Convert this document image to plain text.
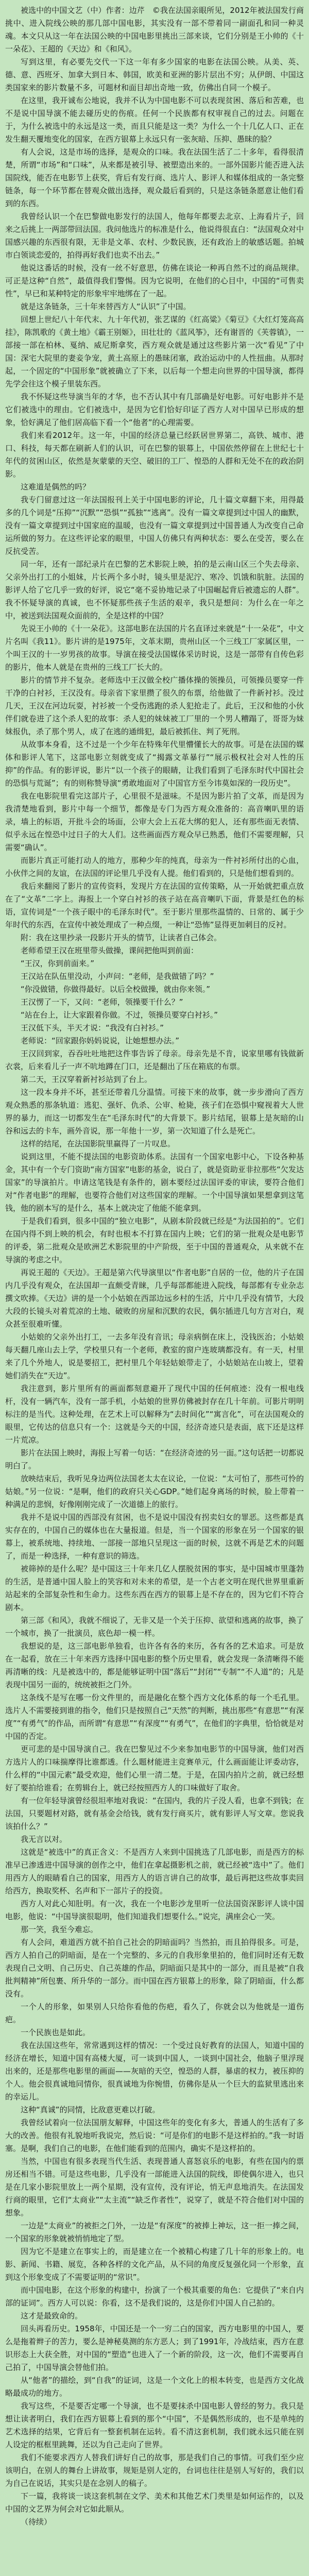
被选中的中国文艺（中）作者：边芹　©我在法国亲眼所见，2012年被法国发行商挑中、进入院线公映的那几部中国电影，其实没有一部不带着同一副面孔和同一种灵魂。本文只从这一年在法国公映的中国电影里挑出三部来谈，它们分别是王小帅的《十一朵花》、王超的《天边》和《和风》。

写到这里，有必要先交代一下这一年有多少国家的电影在法国公映。从美、英、德、意、西班牙、加拿大到日本、韩国，欧美和亚洲的影片层出不穷；从伊朗、中国这类国家来的影片数量不多，可题材和面目却出奇地一致，仿佛出自同一个模子。

在这里，我开诚布公地说，我并不认为中国电影不可以表现贫困、落后和苦难，也不是说中国导演不能去碰历史的伤痕。任何一个民族都有权审视自己的过去。问题在于，为什么被选中的永远是这一类，而且只能是这一类？为什么一个十几亿人口、正在发生翻天覆地变化的国家，在西方银幕上永远只有一张灰暗、压抑、愚昧的脸？

有人会说，这是市场的选择，是观众的口味。我在法国生活了二十多年，看得很清楚，所谓“市场”和“口味”，从来都是被引导、被塑造出来的。一部外国影片能否进入法国院线，能否在电影节上获奖，背后有发行商、选片人、影评人和媒体组成的一条完整链条，每一个环节都在替观众做出选择，观众最后看到的，只是这条链条愿意让他们看到的东西。

我曾经认识一个在巴黎做电影发行的法国人，他每年都要去北京、上海看片子，回来之后挑上一两部带回法国。我问他选片的标准是什么，他说得很直白：“法国观众对中国感兴趣的东西很有限，无非是文革、农村、少数民族，还有政治上的敏感话题。拍城市白领谈恋爱的，拍得再好我们也卖不出去。”

他说这番话的时候，没有一丝不好意思，仿佛在谈论一种再自然不过的商品规律。可正是这种“自然”，最值得我们警惕。因为它说明，在他们的心目中，中国的“可售卖性”，早已和某种特定的形象牢牢地绑在了一起。

就是这条链条，三十年来替西方人“认识”了中国。

回想上世纪八十年代末、九十年代初，张艺谋的《红高粱》《菊豆》《大红灯笼高高挂》，陈凯歌的《黄土地》《霸王别姬》，田壮壮的《蓝风筝》，还有谢晋的《芙蓉镇》，一部接一部在柏林、戛纳、威尼斯拿奖，西方观众就是通过这些影片第一次“看见”了中国：深宅大院里的妻妾争宠，黄土高原上的愚昧闭塞，政治运动中的人性扭曲。从那时起，一个固定的“中国形象”就被确立了下来，以后每一个想走向世界的中国导演，都得先学会往这个模子里装东西。

我不怀疑这些导演当年的才华，也不否认其中有几部确是好电影。可好电影并不是它们被选中的理由。它们被选中，是因为它们恰好印证了西方人对中国早已形成的想象，恰好满足了他们居高临下看一个“他者”的心理需要。

我们来看2012年。这一年，中国的经济总量已经跃居世界第二，高铁、城市、港口、科技，每天都在刷新人们的认识，可在巴黎的银幕上，中国依然停留在上世纪七十年代的贫困山区，依然是灰蒙蒙的天空、破旧的工厂、惶恐的人群和无处不在的政治阴影。

这难道是偶然的吗？

我专门留意过这一年法国报刊上关于中国电影的评论，几十篇文章翻下来，用得最多的几个词是“压抑”“沉默”“恐惧”“孤独”“逃离”。没有一篇文章提到过中国人的幽默，没有一篇文章提到过中国家庭的温暖，也没有一篇文章提到过中国普通人为改变自己命运所做的努力。在这些评论家的眼里，中国人仿佛只有两种状态：要么在受苦，要么在反抗受苦。

同一年，还有一部纪录片在巴黎的艺术影院上映，拍的是云南山区三个失去母亲、父亲外出打工的小姐妹，片长两个多小时，镜头里是泥泞、寒冷、饥饿和肮脏。法国的影评人给了它几乎一致的好评，说它“毫不妥协地记录了中国崛起背后被遗忘的人群”。我不怀疑导演的真诚，也不怀疑那些孩子生活的艰辛，我只是想问：为什么在一年之中，被送到法国观众面前的，全是这样的中国？

先说王小帅的《十一朵花》。这部电影在法国的片名直译过来就是“十一朵花”，中文片名叫《我11》。影片讲的是1975年，文革末期，贵州山区一个三线工厂家属区里，一个叫王汉的十一岁男孩的故事。导演在接受法国媒体采访时说，这是一部带有自传色彩的影片，他本人就是在贵州的三线工厂长大的。

影片的情节并不复杂。老师选中王汉做全校广播体操的领操员，可领操员要穿一件干净的白衬衫，王汉没有。母亲省下家里攒了很久的布票，给他做了一件新衬衫。没过几天，王汉在河边玩耍，衬衫被一个受伤逃跑的杀人犯抢走了。此后，王汉和他的小伙伴们就卷进了这个杀人犯的故事：杀人犯的妹妹被工厂里的一个男人糟蹋了，哥哥为妹妹报仇，杀了那个男人，成了在逃的通缉犯，最后被抓住、判了死刑。

从故事本身看，这不过是一个少年在特殊年代里懵懂长大的故事。可是在法国的媒体和影评人笔下，这部电影立刻就变成了“揭露文革暴行”“展示极权社会对人性的压抑”的作品。有的影评说，影片“以一个孩子的眼睛，让我们看到了毛泽东时代中国社会的恐惧与荒诞”；有的则称赞导演“勇敢地面对了中国官方至今讳莫如深的一段历史”。

我在电影院里看完这部片子，心里很不是滋味。不是因为影片拍了文革，而是因为我清楚地看到，影片中每一个细节，都像是专门为西方观众准备的：高音喇叭里的语录，墙上的标语，开批斗会的场面，公审大会上五花大绑的犯人，还有那些面无表情、似乎永远在惶恐中过日子的大人们。这些画面西方观众早已熟悉，他们不需要理解，只需要“确认”。

而影片真正可能打动人的地方，那种少年的纯真，母亲为一件衬衫所付出的心血，小伙伴之间的友谊，在法国的评论里几乎没有人提。他们看到的，只是他们想看到的。

我后来翻阅了影片的宣传资料，发现片方在法国的宣传策略，从一开始就把重点放在了“文革”二字上。海报上一个穿白衬衫的孩子站在高音喇叭下面，背景是红色的标语，宣传词是“一个孩子眼中的毛泽东时代”。至于影片里那些温情的、日常的、属于少年时代的东西，在宣传中被处理成了一种点缀，一种让“恐怖”显得更加刺目的反衬。

附：我在这里抄录一段影片开头的情节，让读者自己体会。

老师希望王汉在班里带头做操，课间把他叫到前面：

“王汉，你到前面来。”

王汉站在队伍里没动，小声问：“老师，是我做错了吗？”

“你没做错，你做得最好。以后全校做操，就由你来领。”

王汉愣了一下，又问：“老师，领操要干什么？”

“站在台上，让大家跟着你做。不过，领操员要穿白衬衫。”

王汉低下头，半天才说：“我没有白衬衫。”

老师说：“回家跟你妈妈说说，让她想想办法。”

王汉回到家，吞吞吐吐地把这件事告诉了母亲。母亲先是不肯，说家里哪有钱做新衣裳，后来看儿子一声不吭地蹲在门口，还是翻出了压在箱底的布票。

第二天，王汉穿着新衬衫站到了台上。

这一段本身并不坏，甚至还带着几分温情。可接下来的故事，就一步步滑向了西方观众熟悉的那条轨道：逃犯、强奸、仇杀、公审、枪毙，孩子们在恐惧中窥视着大人世界的暴力，而这一切都发生在“毛泽东时代”的大背景下。影片结尾，银幕上是灰暗的山谷和远去的卡车，画外音说，那一年他十一岁，第一次知道了什么是死亡。

这样的结尾，在法国影院里赢得了一片叹息。

说到这里，不能不提法国的电影资助体系。法国有一个国家电影中心，下设各种基金，其中有一个专门资助“南方国家”电影的基金，说白了，就是资助亚非拉那些“欠发达国家”的导演拍片。申请这笔钱是有条件的，剧本要经过法国评委的审读，要符合他们对“作者电影”的理解，也要符合他们对这些国家的理解。一个中国导演如果想拿到这笔钱，他的剧本写的是什么，基本上就决定了他能不能拿到。

于是我们看到，很多中国的“独立电影”，从剧本阶段就已经是“为法国拍的”。它们在国内得不到上映的机会，有时也根本不打算在国内上映；它们的第一批观众是电影节的评委，第二批观众是欧洲艺术影院里的中产阶级，至于中国的普通观众，从来就不在导演的考虑之中。

再说王超的《天边》。王超是第六代导演里以“作者电影”自居的一位，他的片子在国内几乎没有观众，在法国却一直颇受青睐，几乎每部都能进入院线，每部都有专业杂志撰文吹捧。《天边》讲的是一个小姑娘在西部边远乡村的生活，片中几乎没有情节，大段大段的长镜头对着荒凉的土地、破败的房屋和沉默的农民，偶尔插进几句方言对白，观众甚至很难听懂。

小姑娘的父亲外出打工，一去多年没有音讯；母亲病倒在床上，没钱医治；小姑娘每天翻几座山去上学，学校里只有一个老师，教室的窗户连玻璃都没有。有一天，村里来了几个外地人，说是要招工，把村里几个年轻姑娘带走了，小姑娘站在山坡上，望着她们消失在“天边”。

我注意到，影片里所有的画面都刻意避开了现代中国的任何痕迹：没有一根电线杆，没有一辆汽车，没有一部手机，小姑娘的世界仿佛被封存在几十年前。可影片明明标注的是当代。这种处理，在艺术上可以解释为“去时间化”“寓言化”，可在法国观众的眼里，它传达的信息只有一个：这就是今天的中国，经济奇迹只是表面，底下还是这样一片荒凉。

影片在法国上映时，海报上写着一句话：“在经济奇迹的另一面。”这句话把一切都说明白了。

放映结束后，我听见身边两位法国老太太在议论，一位说：“太可怕了，那些可怜的姑娘。”另一位说：“是啊，他们的政府只关心GDP。”她们起身离场的时候，脸上带着一种满足的悲悯，好像刚刚完成了一次道德上的旅行。

我并不是说中国的西部没有贫困，也不是说中国没有拐卖妇女的罪恶。这些都是真实存在的，中国自己的媒体也在大量报道。但是，当一个国家的形象在另一个国家的银幕上，被系统地、持续地、一部接一部地只呈现这一面的时候，这就不再是艺术的问题了，而是一种选择，一种有意识的筛选。

被筛掉的是什么呢？是中国这三十年来几亿人摆脱贫困的事实，是中国城市里蓬勃的生活，是普通中国人脸上的笑容和对未来的希望，是一个古老文明在现代世界里重新站起来的全部复杂性和生命力。这些东西在西方的银幕上是不存在的，因为它们不符合剧本。

第三部《和风》，我就不细说了，无非又是一个关于压抑、欲望和逃离的故事，换了一个城市，换了一批演员，底色却一模一样。

我想说的是，这三部电影单独看，也许各有各的来历，各有各的艺术追求。可是放在一起看，放在三十年来西方选择中国电影的整个历史里看，就会发现一条清晰得不能再清晰的线：凡是被选中的，都是能够证明中国“落后”“封闭”“专制”“不人道”的；凡是表现中国另一面的，统统被拒之门外。

这条线不是写在哪一份文件里的，而是融化在整个西方文化体系的每一个毛孔里。选片人不需要接到谁的指令，他们只是按照自己“天然”的判断，挑出那些“有意思”“有深度”“有勇气”的作品，而所谓“有意思”“有深度”“有勇气”，在他们的字典里，恰恰就是对中国的否定。

更可悲的是中国导演自己。我在巴黎见过不少来参加电影节的中国导演，他们对西方选片人的口味揣摩得比谁都透。什么题材能进主竞赛单元，什么画面能让评委动容，什么样的“中国元素”最受欢迎，他们心里一清二楚。于是，在国内拍片之前，就已经想好了要拍给谁看；在剪辑台上，就已经按照西方人的口味做好了取舍。

有一位年轻导演曾经很坦率地对我说：“在国内，我的片子没人看，也拿不到钱；在法国，只要题材对路，就有基金会给钱，就有发行商买片，就有影评人写文章。您说我该拍什么？”

我无言以对。

这就是“被选中”的真正含义：不是西方人来到中国挑选了几部电影，而是西方的标准早已渗透进中国导演的创作之中，他们在拿起摄影机之前，就已经被“选中”了。他们用西方人的眼睛看自己的国家，用西方人的语言讲自己的故事，最后再把这些故事卖回给西方，换取奖杯、名声和下一部片子的投资。

西方人对此心知肚明。有一次，我在一个电影沙龙里听一位法国资深影评人谈中国电影，他说：“中国导演很聪明，他们知道我们想要什么。”说完，满座会心一笑。

那一笑，我至今难忘。

有人会问，难道西方就不拍自己社会的阴暗面吗？当然拍，而且拍得很多。可是，西方人拍自己的阴暗面，是在一个完整的、多元的自我形象里拍的，他们同时还有无数表现自己文明、自己历史、自己英雄的作品，阴暗面只是其中的一部分，而且是被“自我批判精神”所包裹、所升华的一部分。而中国在西方银幕上的形象，除了阴暗面，什么都没有。

一个人的形象，如果别人只给你看他的伤疤，看久了，你就会以为他就是一道伤疤。

一个民族也是如此。

我在法国这些年，常常遇到这样的情况：一个受过良好教育的法国人，知道中国的经济在增长，知道中国有高楼大厦，可一谈到中国人，一谈到中国社会，他脑子里浮现出来的，还是那些电影里的画面——灰暗的天空，惶恐的人群，暴虐的权力，被压抑的个人。他会很真诚地同情你，很真诚地为你惋惜，仿佛你是从一个巨大的监狱里逃出来的幸运儿。

这种“真诚”的同情，比敌意更难以打破。

我曾经试着向一位法国朋友解释，中国这些年的变化有多大，普通人的生活有了多大的改善。他很有礼貌地听我说完，然后说：“可是你们的电影不是这样拍的。”我一时语塞。是啊，我们自己的电影，在他们能看到的范围内，确实不是这样拍的。

当然，中国也有很多表现当代生活、表现普通人喜怒哀乐的电影，有些在国内的票房还相当不错。可是这些电影，几乎没有一部能进入法国的院线，即使偶尔进入，也只是在几家小影院里放上一两个星期，没有宣传，没有评论，悄无声息地消失。在法国发行商的眼里，它们“太商业”“太主流”“缺乏作者性”，说穿了，就是不符合他们对中国的想象。

一边是“太商业”的被拒之门外，一边是“有深度”的被捧上神坛，这一拒一捧之间，一个国家的形象就被悄悄地定了型。

因为它不是建立在事实上的，而是建立在一个被精心构建了几十年的形象上的。电影、新闻、书籍、展览，各种各样的文化产品，从不同的角度反复强化同一个形象，直到这个形象变成了不需要证明的“常识”。

而中国电影，在这个形象的构建中，扮演了一个极其重要的角色：它提供了“来自内部的证词”。西方人可以说：你看，这不是我们说的，这是你们中国人自己拍的。

这才是最致命的。

回头再看历史。1958年，中国还是一个一穷二白的国家，西方电影里的中国人，要么是拖着辫子的苦力，要么是神秘莫测的东方恶人；到了1991年，冷战结束，西方在意识形态上大获全胜，对中国的“塑造”也进入了一个新的阶段，这一次，他们不需要再自己拍了，中国导演会替他们拍。

从“他者”的描绘，到“自我”的证词，这是一个文化上的根本转变，也是西方文化战略最成功的地方。

我写这些，不是要否定哪一个导演，也不是要抹杀中国电影人曾经的努力。我只是想让读者明白，我们在西方银幕上看到的那个“中国”，不是偶然形成的，也不是单纯的艺术选择的结果，它背后有一整套机制在运转。看不清这套机制，我们就永远只能在别人设定的框框里跳舞，还以为自己走向了世界。

我们不能要求西方人替我们讲好自己的故事，那是我们自己的事情。可我们至少应该明白，在别人的舞台上讲故事，规矩是别人定的，台词也往往是别人写好的，我们以为自己在说话，其实只是在念别人的稿子。

下一篇，我将谈一谈这套机制在文学、美术和其他艺术门类里是如何运作的，以及中国的文艺界为何会对它如此顺从。

（待续）
